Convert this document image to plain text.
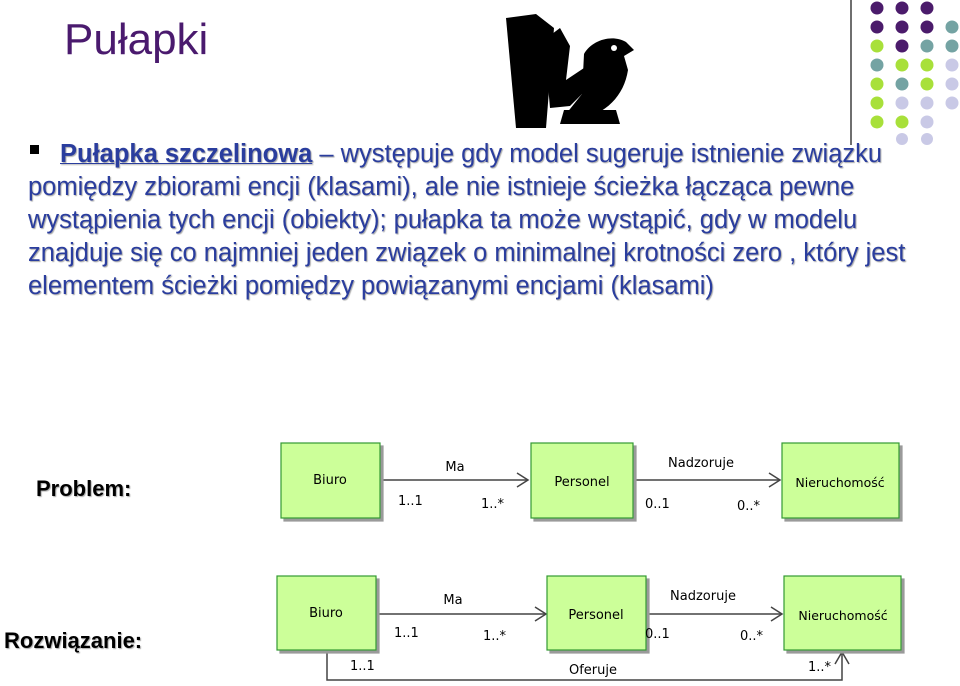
Pułapki

Pułapka szczelinowa – występuje gdy model sugeruje istnienie związku pomiędzy zbiorami encji (klasami), ale nie istnieje ścieżka łącząca pewne wystąpienia tych encji (obiekty); pułapka ta może wystąpić, gdy w modelu znajduje się co najmniej jeden związek o minimalnej krotności zero , który jest elementem ścieżki pomiędzy powiązanymi encjami (klasami)

Problem:
Rozwiązanie:
Biuro	Personel	Nieruchomość
Ma
1..1	1..*
Nadzoruje
0..1	0..*
Biuro	Personel	Nieruchomość
Ma
1..1	1..*
Nadzoruje
0..1	0..*
Oferuje
1..1	1..*
